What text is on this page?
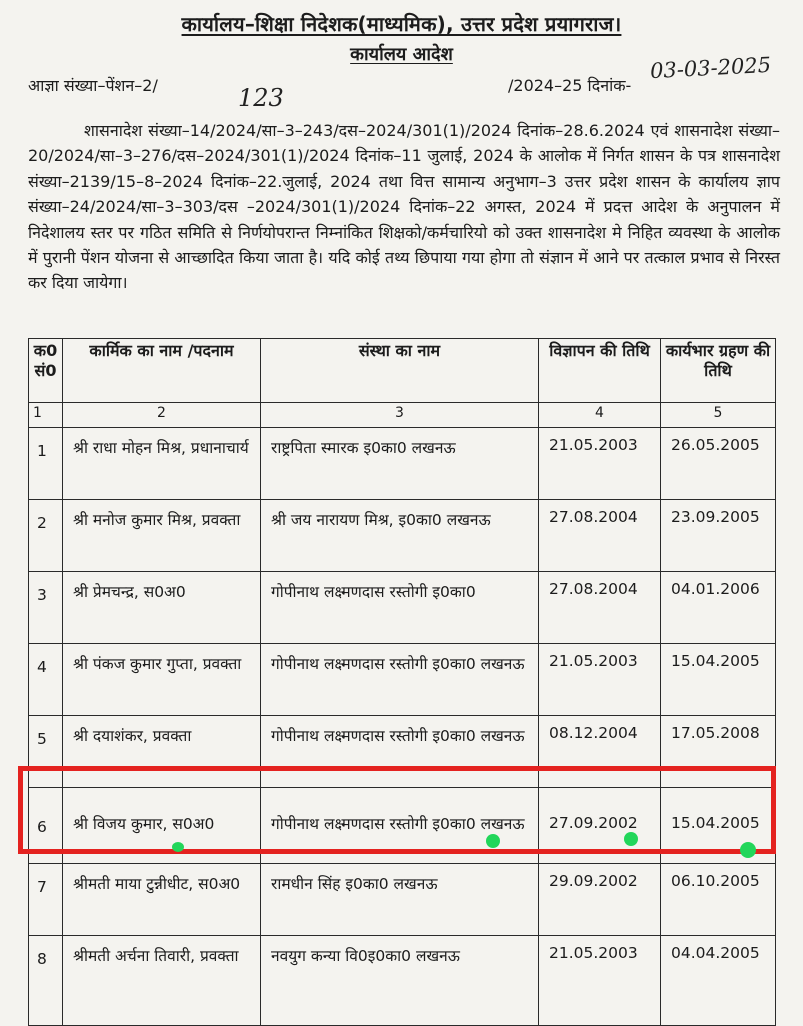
कार्यालय–शिक्षा निदेशक(माध्यमिक), उत्तर प्रदेश प्रयागराज।
कार्यालय आदेश
आज्ञा संख्या–पेंशन–2/	123	/2024–25 दिनांक-
03-03-2025
शासनादेश संख्या–14/2024/सा–3–243/दस–2024/301(1)/2024 दिनांक–28.6.2024 एवं शासनादेश संख्या–20/2024/सा–3–276/दस–2024/301(1)/2024 दिनांक–11 जुलाई, 2024 के आलोक में निर्गत शासन के पत्र शासनादेश संख्या–2139/15–8–2024 दिनांक–22.जुलाई, 2024 तथा वित्त सामान्य अनुभाग–3 उत्तर प्रदेश शासन के कार्यालय ज्ञाप संख्या–24/2024/सा–3–303/दस –2024/301(1)/2024 दिनांक–22 अगस्त, 2024 में प्रदत्त आदेश के अनुपालन में निदेशालय स्तर पर गठित समिति से निर्णयोपरान्त निम्नांकित शिक्षको/कर्मचारियो को उक्त शासनादेश मे निहित व्यवस्था के आलोक में पुरानी पेंशन योजना से आच्छादित किया जाता है। यदि कोई तथ्य छिपाया गया होगा तो संज्ञान में आने पर तत्काल प्रभाव से निरस्त कर दिया जायेगा।
क0 सं0	कार्मिक का नाम /पदनाम	संस्था का नाम	विज्ञापन की तिथि	कार्यभार ग्रहण की तिथि
1	2	3	4	5
1	श्री राधा मोहन मिश्र, प्रधानाचार्य	राष्ट्रपिता स्मारक इ0का0 लखनऊ	21.05.2003	26.05.2005
2	श्री मनोज कुमार मिश्र, प्रवक्ता	श्री जय नारायण मिश्र, इ0का0 लखनऊ	27.08.2004	23.09.2005
3	श्री प्रेमचन्द्र, स0अ0	गोपीनाथ लक्ष्मणदास रस्तोगी इ0का0	27.08.2004	04.01.2006
4	श्री पंकज कुमार गुप्ता, प्रवक्ता	गोपीनाथ लक्ष्मणदास रस्तोगी इ0का0 लखनऊ	21.05.2003	15.04.2005
5	श्री दयाशंकर, प्रवक्ता	गोपीनाथ लक्ष्मणदास रस्तोगी इ0का0 लखनऊ	08.12.2004	17.05.2008
6	श्री विजय कुमार, स0अ0	गोपीनाथ लक्ष्मणदास रस्तोगी इ0का0 लखनऊ	27.09.2002	15.04.2005
7	श्रीमती माया टुन्नीधीट, स0अ0	रामधीन सिंह इ0का0 लखनऊ	29.09.2002	06.10.2005
8	श्रीमती अर्चना तिवारी, प्रवक्ता	नवयुग कन्या वि0इ0का0 लखनऊ	21.05.2003	04.04.2005
